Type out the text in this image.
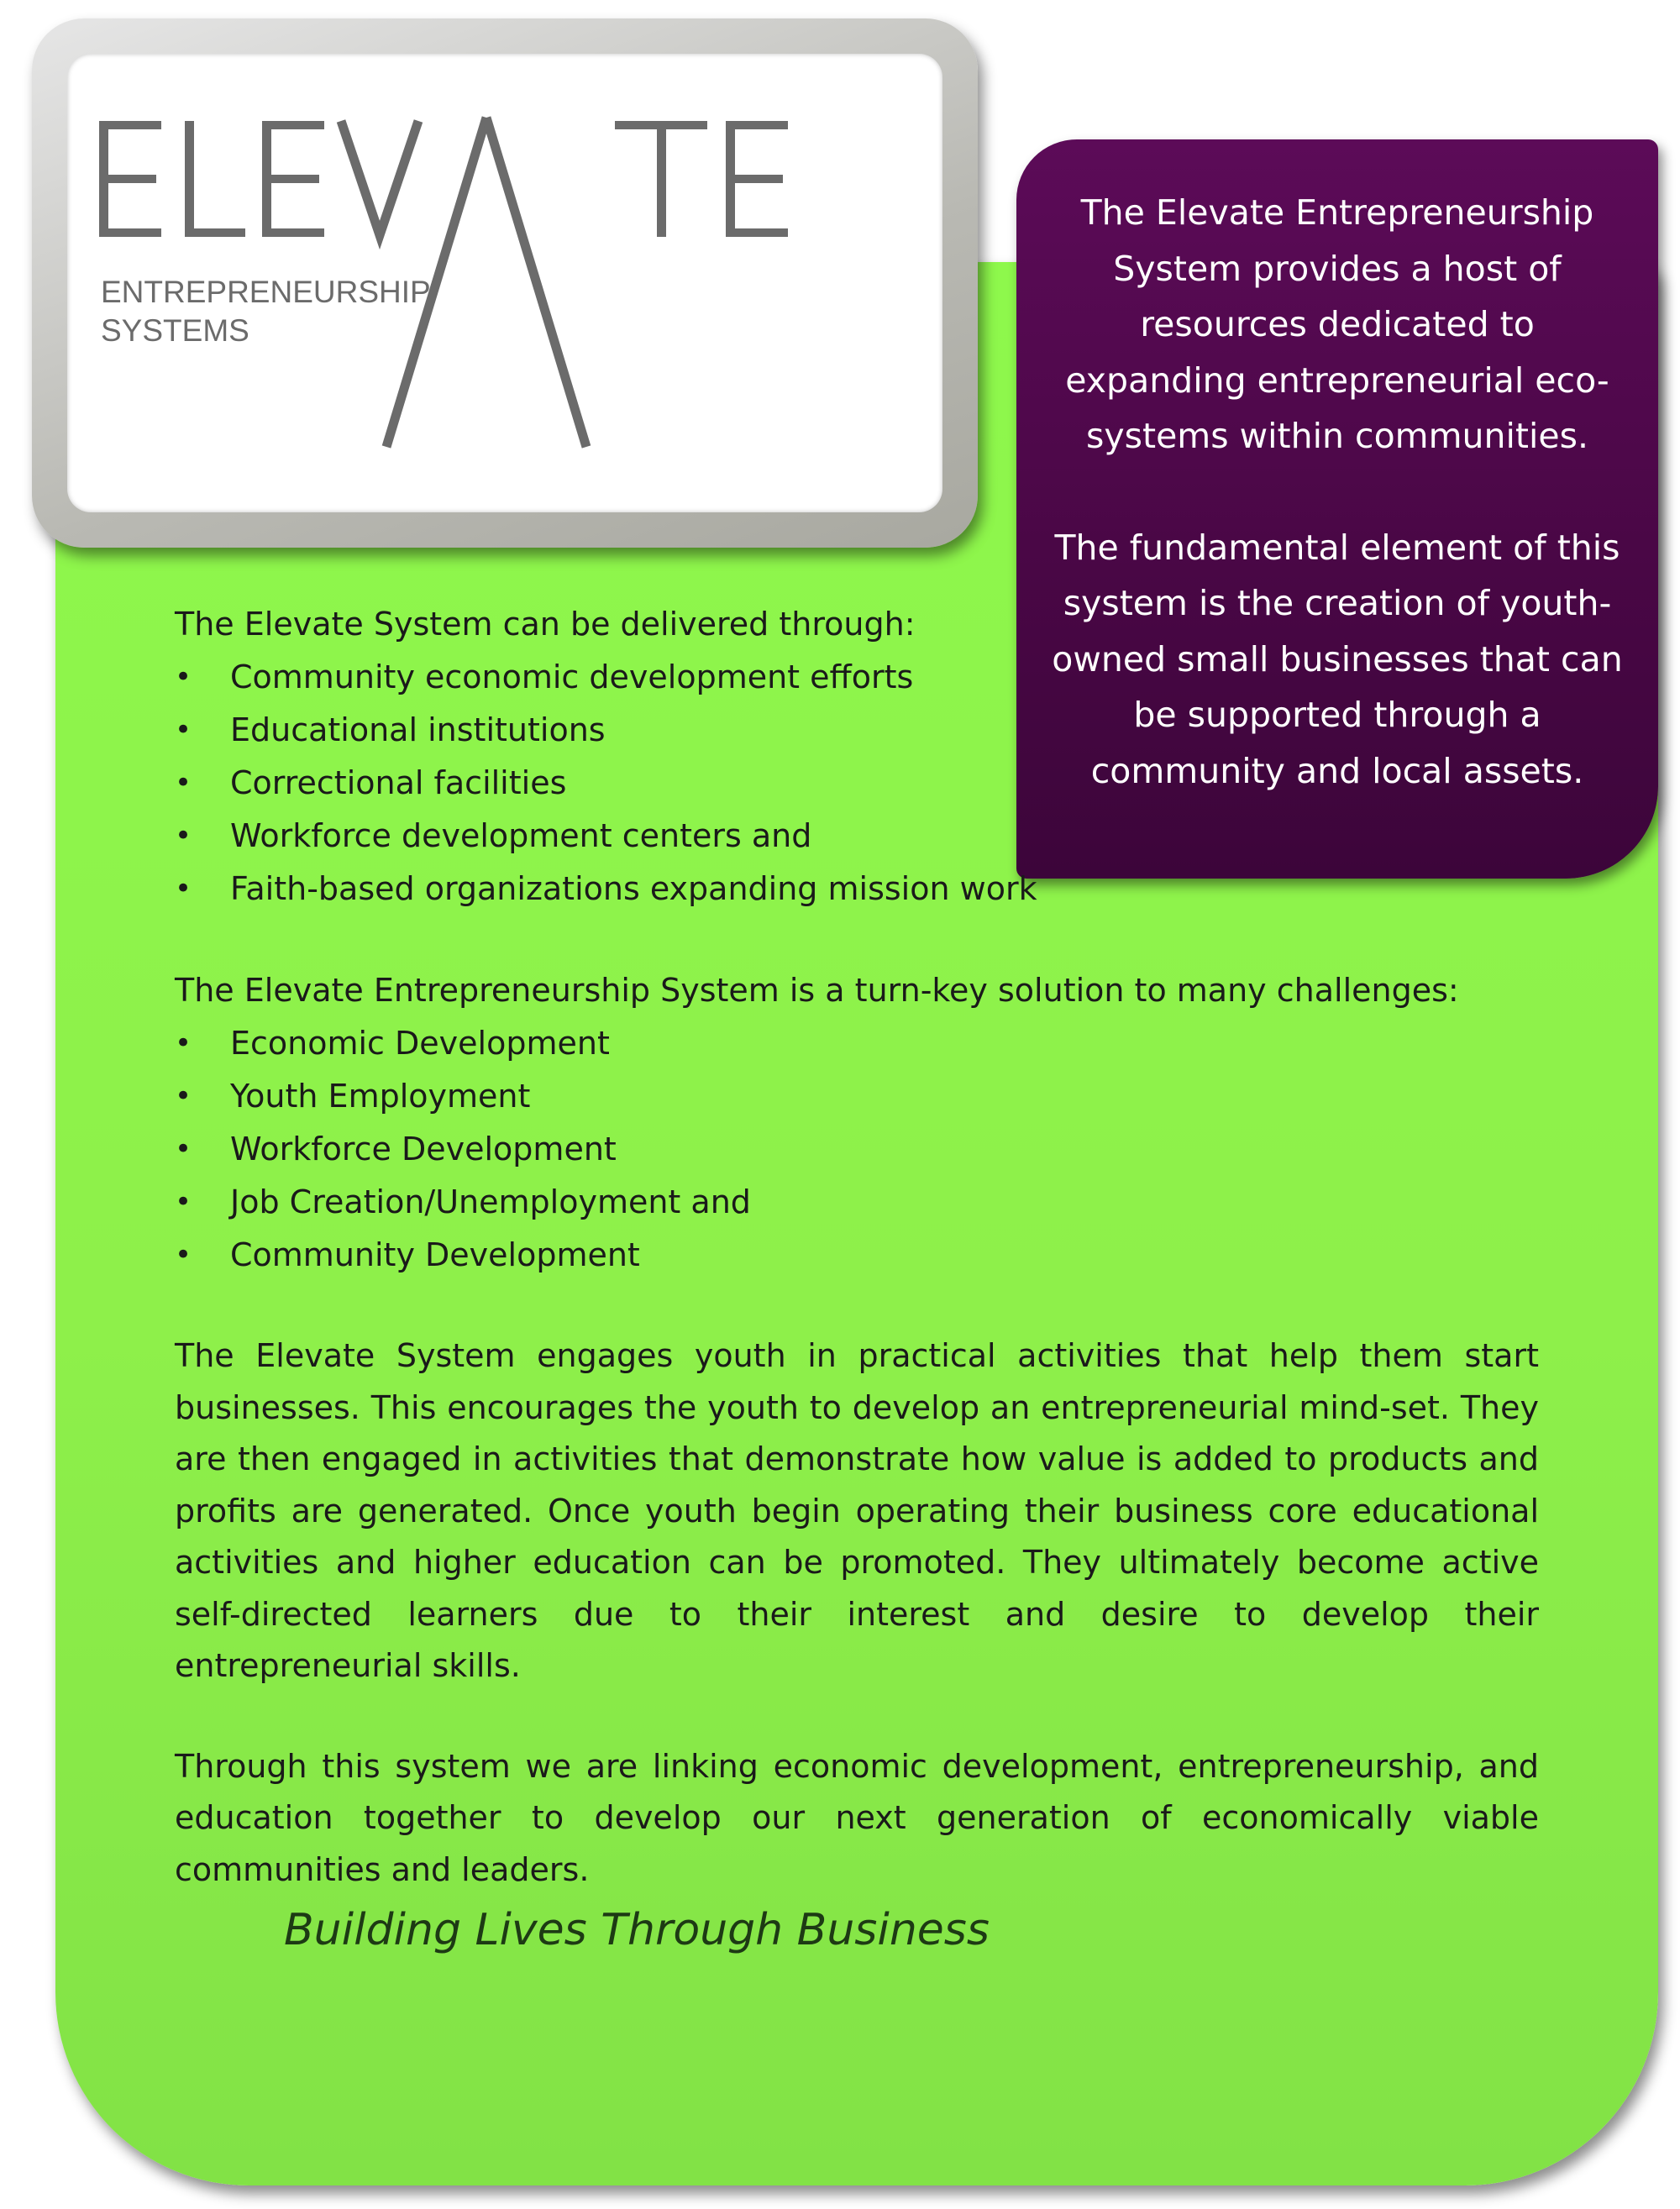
ENTREPRENEURSHIP
SYSTEMS

The Elevate Entrepreneurship System provides a host of resources dedicated to expanding entrepreneurial eco-systems within communities.

The fundamental element of this system is the creation of youth-owned small businesses that can be supported through a community and local assets.

The Elevate System can be delivered through:

• Community economic development efforts
• Educational institutions
• Correctional facilities
• Workforce development centers and
• Faith-based organizations expanding mission work

The Elevate Entrepreneurship System is a turn-key solution to many challenges:

• Economic Development
• Youth Employment
• Workforce Development
• Job Creation/Unemployment and
• Community Development

The Elevate System engages youth in practical activities that help them start businesses. This encourages the youth to develop an entrepreneurial mind-set. They are then engaged in activities that demonstrate how value is added to products and profits are generated. Once youth begin operating their business core educational activities and higher education can be promoted. They ultimately become active self-directed learners due to their interest and desire to develop their entrepreneurial skills.

Through this system we are linking economic development, entrepreneurship, and education together to develop our next generation of economically viable communities and leaders.

Building Lives Through Business
